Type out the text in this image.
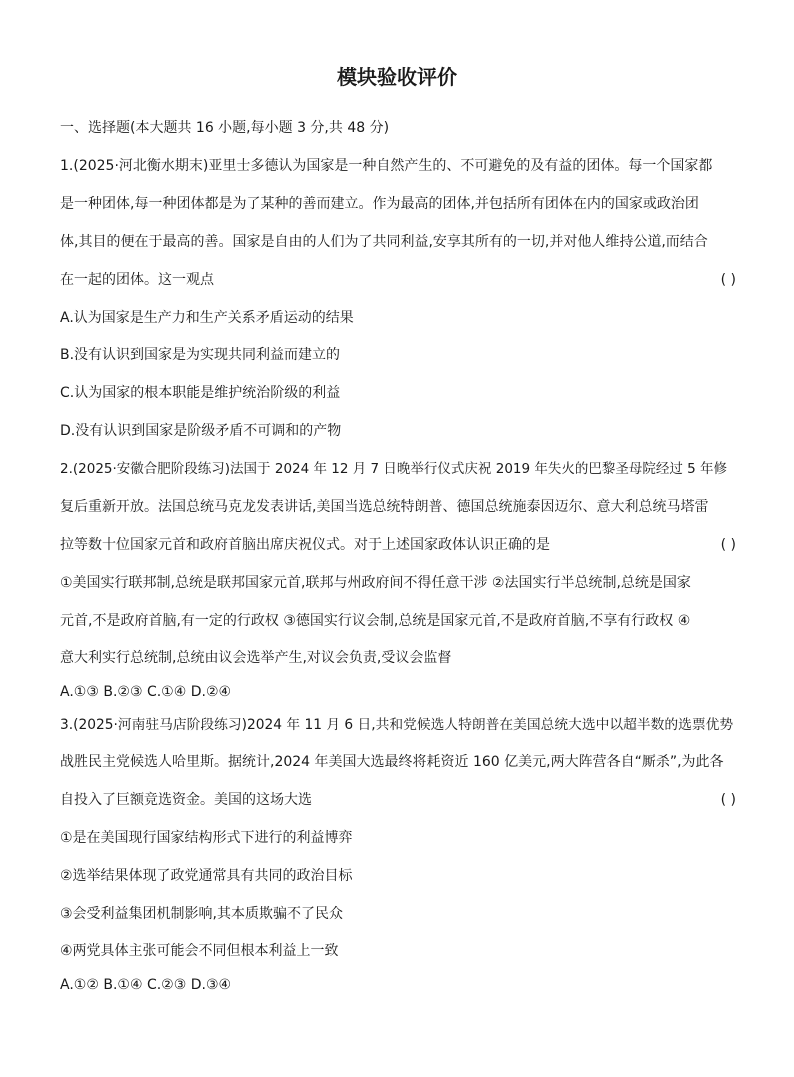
模块验收评价
一、选择题(本大题共 16 小题,每小题 3 分,共 48 分)
1.(2025·河北衡水期末)亚里士多德认为国家是一种自然产生的、不可避免的及有益的团体。每一个国家都
是一种团体,每一种团体都是为了某种的善而建立。作为最高的团体,并包括所有团体在内的国家或政治团
体,其目的便在于最高的善。国家是自由的人们为了共同利益,安享其所有的一切,并对他人维持公道,而结合
在一起的团体。这一观点	( )
A.认为国家是生产力和生产关系矛盾运动的结果
B.没有认识到国家是为实现共同利益而建立的
C.认为国家的根本职能是维护统治阶级的利益
D.没有认识到国家是阶级矛盾不可调和的产物
2.(2025·安徽合肥阶段练习)法国于 2024 年 12 月 7 日晚举行仪式庆祝 2019 年失火的巴黎圣母院经过 5 年修
复后重新开放。法国总统马克龙发表讲话,美国当选总统特朗普、德国总统施泰因迈尔、意大利总统马塔雷
拉等数十位国家元首和政府首脑出席庆祝仪式。对于上述国家政体认识正确的是	( )
①美国实行联邦制,总统是联邦国家元首,联邦与州政府间不得任意干涉 ②法国实行半总统制,总统是国家
元首,不是政府首脑,有一定的行政权 ③德国实行议会制,总统是国家元首,不是政府首脑,不享有行政权 ④
意大利实行总统制,总统由议会选举产生,对议会负责,受议会监督
A.①③ B.②③ C.①④ D.②④
3.(2025·河南驻马店阶段练习)2024 年 11 月 6 日,共和党候选人特朗普在美国总统大选中以超半数的选票优势
战胜民主党候选人哈里斯。据统计,2024 年美国大选最终将耗资近 160 亿美元,两大阵营各自“厮杀”,为此各
自投入了巨额竞选资金。美国的这场大选	( )
①是在美国现行国家结构形式下进行的利益博弈
②选举结果体现了政党通常具有共同的政治目标
③会受利益集团机制影响,其本质欺骗不了民众
④两党具体主张可能会不同但根本利益上一致
A.①② B.①④ C.②③ D.③④
